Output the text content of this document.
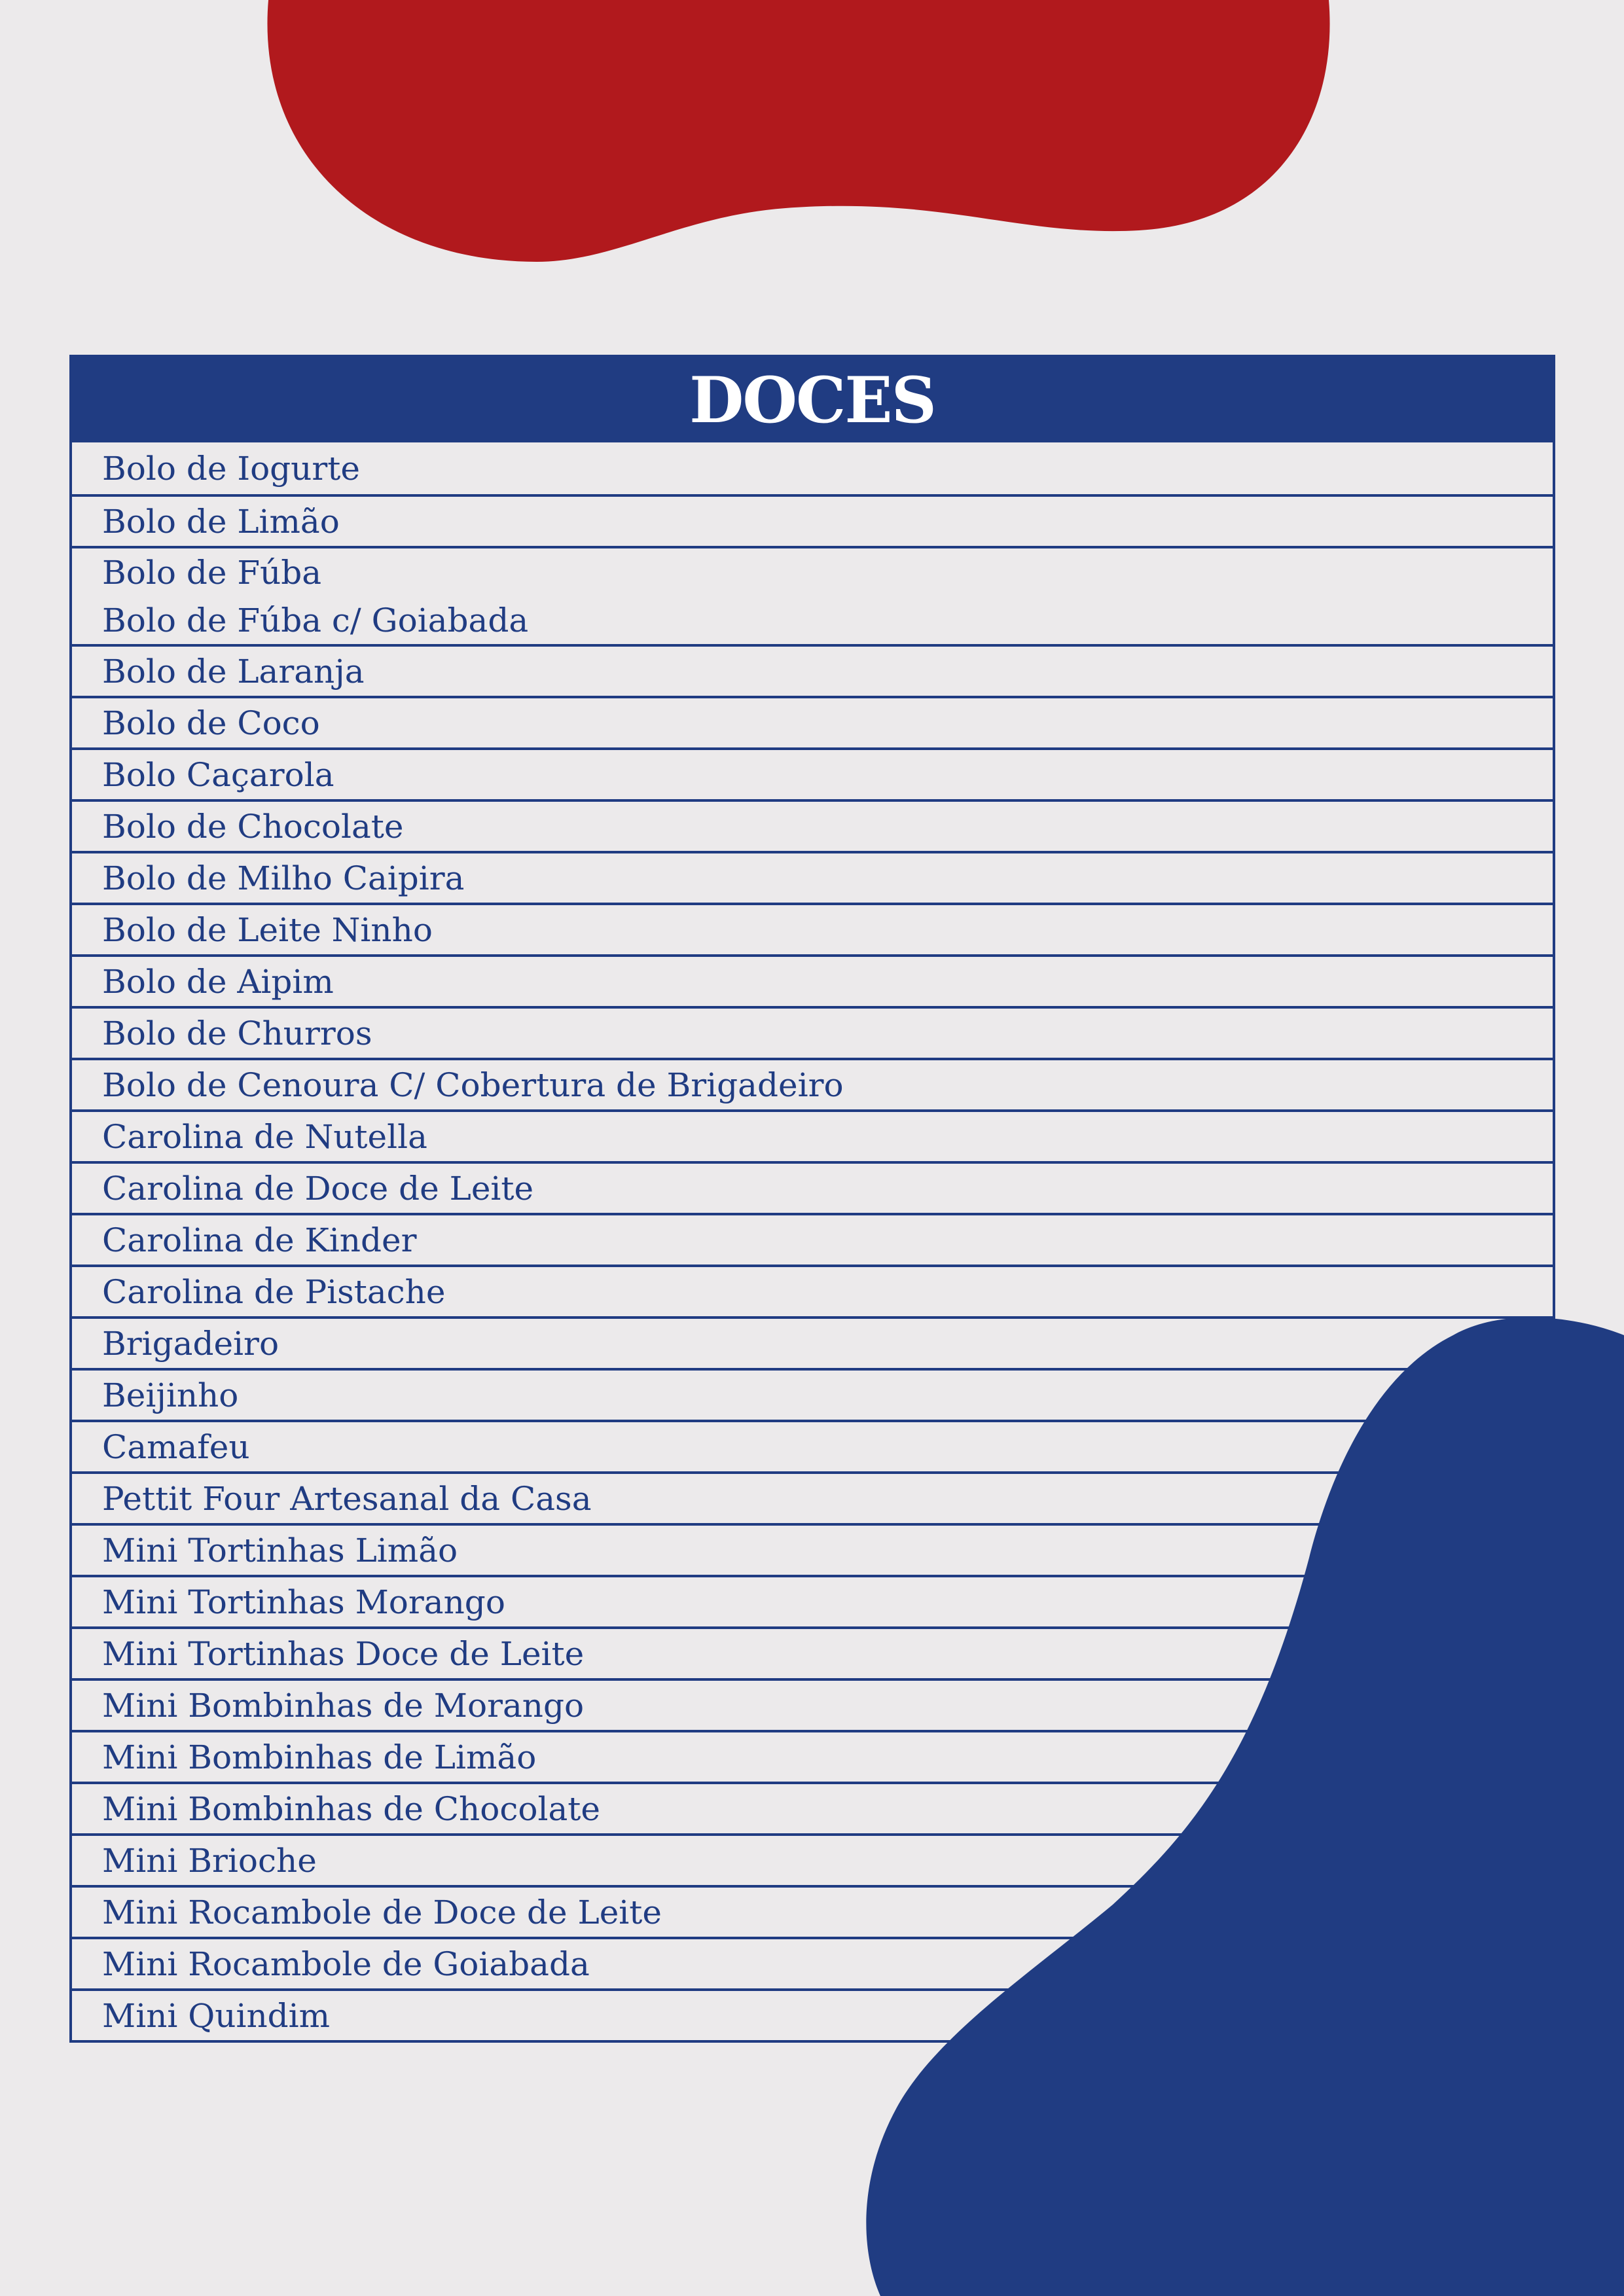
DOCES
Bolo de Iogurte
Bolo de Limão
Bolo de Fúba
Bolo de Fúba c/ Goiabada
Bolo de Laranja
Bolo de Coco
Bolo Caçarola
Bolo de Chocolate
Bolo de Milho Caipira
Bolo de Leite Ninho
Bolo de Aipim
Bolo de Churros
Bolo de Cenoura C/ Cobertura de Brigadeiro
Carolina de Nutella
Carolina de Doce de Leite
Carolina de Kinder
Carolina de Pistache
Brigadeiro
Beijinho
Camafeu
Pettit Four Artesanal da Casa
Mini Tortinhas Limão
Mini Tortinhas Morango
Mini Tortinhas Doce de Leite
Mini Bombinhas de Morango
Mini Bombinhas de Limão
Mini Bombinhas de Chocolate
Mini Brioche
Mini Rocambole de Doce de Leite
Mini Rocambole de Goiabada
Mini Quindim
